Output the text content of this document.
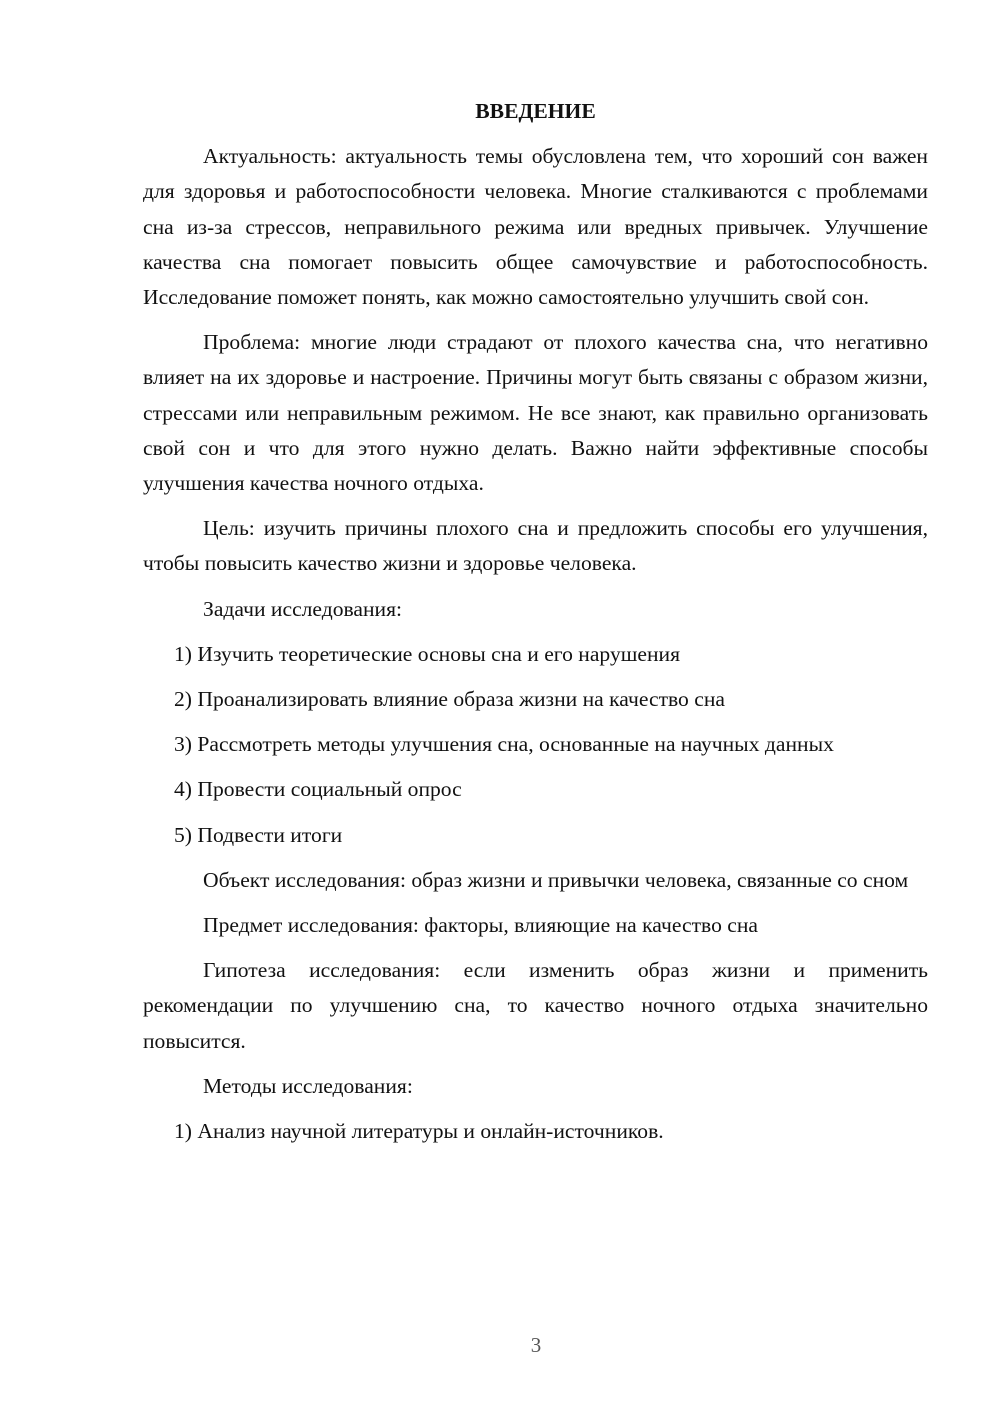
ВВЕДЕНИЕ

Актуальность: актуальность темы обусловлена тем, что хороший сон важен для здоровья и работоспособности человека. Многие сталкиваются с проблемами сна из-за стрессов, неправильного режима или вредных привычек. Улучшение качества сна помогает повысить общее самочувствие и работоспособность. Исследование поможет понять, как можно самостоятельно улучшить свой сон.

Проблема: многие люди страдают от плохого качества сна, что негативно влияет на их здоровье и настроение. Причины могут быть связаны с образом жизни, стрессами или неправильным режимом. Не все знают, как правильно организовать свой сон и что для этого нужно делать. Важно найти эффективные способы улучшения качества ночного отдыха.

Цель: изучить причины плохого сна и предложить способы его улучшения, чтобы повысить качество жизни и здоровье человека.

Задачи исследования:

1) Изучить теоретические основы сна и его нарушения

2) Проанализировать влияние образа жизни на качество сна

3) Рассмотреть методы улучшения сна, основанные на научных данных

4) Провести социальный опрос

5) Подвести итоги

Объект исследования: образ жизни и привычки человека, связанные со сном

Предмет исследования: факторы, влияющие на качество сна

Гипотеза исследования: если изменить образ жизни и применить рекомендации по улучшению сна, то качество ночного отдыха значительно повысится.

Методы исследования:

1) Анализ научной литературы и онлайн-источников.

3
